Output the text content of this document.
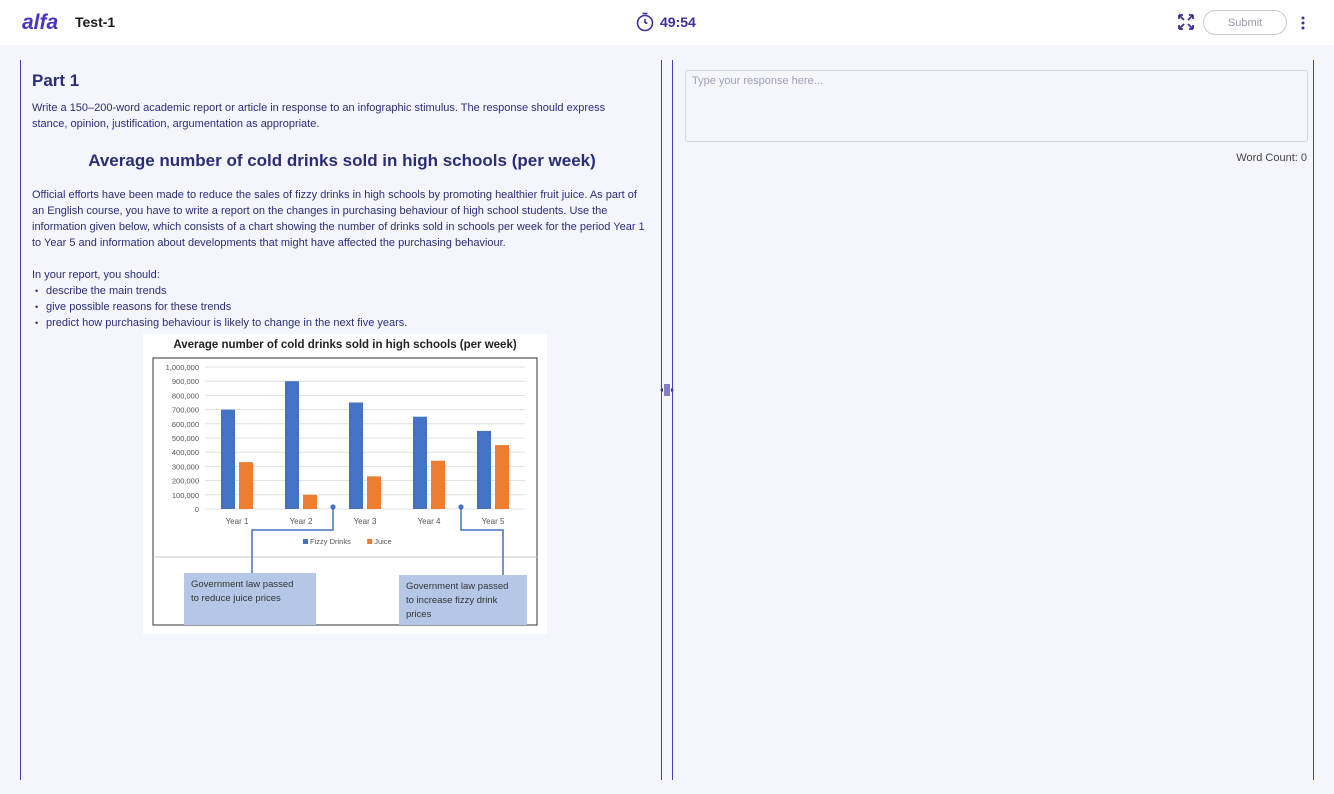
alfa Test-1	49:54	Submit
Part 1
Write a 150–200-word academic report or article in response to an infographic stimulus. The response should express stance, opinion, justification, argumentation as appropriate.
Average number of cold drinks sold in high schools (per week)

Official efforts have been made to reduce the sales of fizzy drinks in high schools by promoting healthier fruit juice. As part of an English course, you have to write a report on the changes in purchasing behaviour of high school students. Use the information given below, which consists of a chart showing the number of drinks sold in schools per week for the period Year 1 to Year 5 and information about developments that might have affected the purchasing behaviour.

In your report, you should:

• describe the main trends
• give possible reasons for these trends
• predict how purchasing behaviour is likely to change in the next five years.
Average number of cold drinks sold in high schools (per week)
0
100,000
200,000
300,000
400,000
500,000
600,000
700,000
800,000
900,000
1,000,000
Year 1	Year 2	Year 3	Year 4	Year 5
Fizzy Drinks	Juice
Government law passed
to reduce juice prices
Government law passed
to increase fizzy drink
prices
Type your response here...
Word Count: 0
